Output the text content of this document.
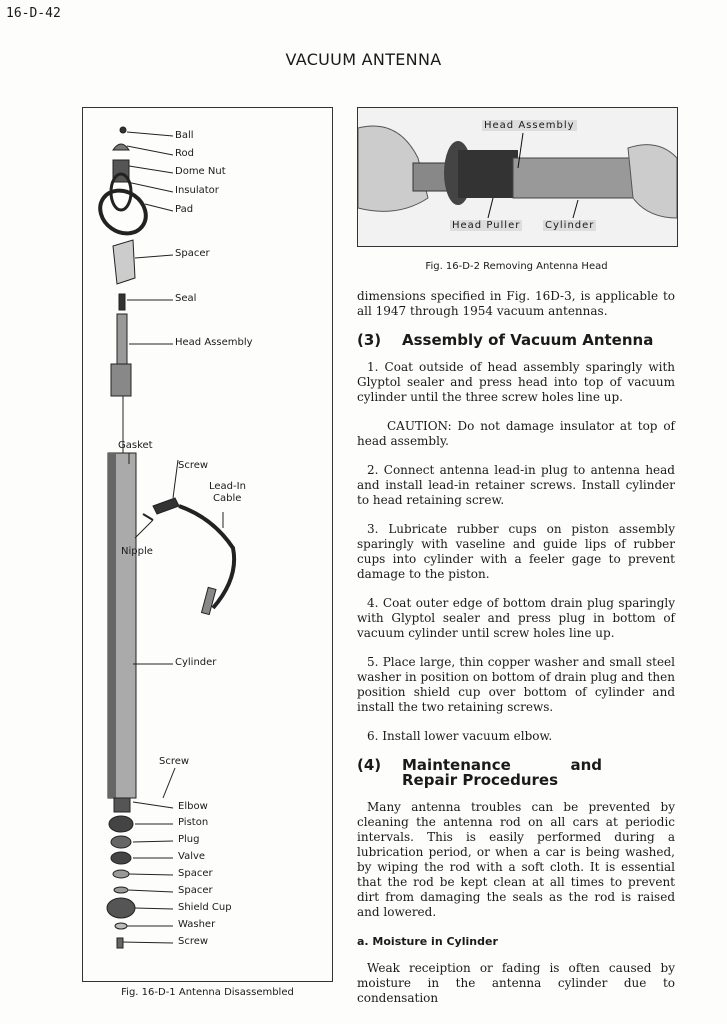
16-D-42
VACUUM ANTENNA
Ball
Rod
Dome Nut
Insulator
Pad
Spacer
Seal
Head Assembly
Gasket
Screw
Lead-In
Cable
Nipple
Cylinder
Screw
Elbow
Piston
Plug
Valve
Spacer
Spacer
Shield Cup
Washer
Screw
Fig. 16-D-1 Antenna Disassembled
Head Assembly
Head Puller Cylinder
Fig. 16-D-2 Removing Antenna Head

dimensions specified in Fig. 16D-3, is applicable to all 1947 through 1954 vacuum antennas.

(3)	Assembly of Vacuum Antenna

1. Coat outside of head assembly sparingly with Glyptol sealer and press head into top of vacuum cylinder until the three screw holes line up.

CAUTION: Do not damage insulator at top of head assembly.

2. Connect antenna lead-in plug to antenna head and install lead-in retainer screws. Install cylinder to head retaining screw.

3. Lubricate rubber cups on piston assembly sparingly with vaseline and guide lips of rubber cups into cylinder with a feeler gage to prevent damage to the piston.

4. Coat outer edge of bottom drain plug sparingly with Glyptol sealer and press plug in bottom of vacuum cylinder until screw holes line up.

5. Place large, thin copper washer and small steel washer in position on bottom of drain plug and then position shield cup over bottom of cylinder and install the two retaining screws.

6. Install lower vacuum elbow.

(4)	Maintenance and Repair Procedures

Many antenna troubles can be prevented by cleaning the antenna rod on all cars at periodic intervals. This is easily performed during a lubrication period, or when a car is being washed, by wiping the rod with a soft cloth. It is essential that the rod be kept clean at all times to prevent dirt from damaging the seals as the rod is raised and lowered.

a. Moisture in Cylinder

Weak receiption or fading is often caused by moisture in the antenna cylinder due to condensation
